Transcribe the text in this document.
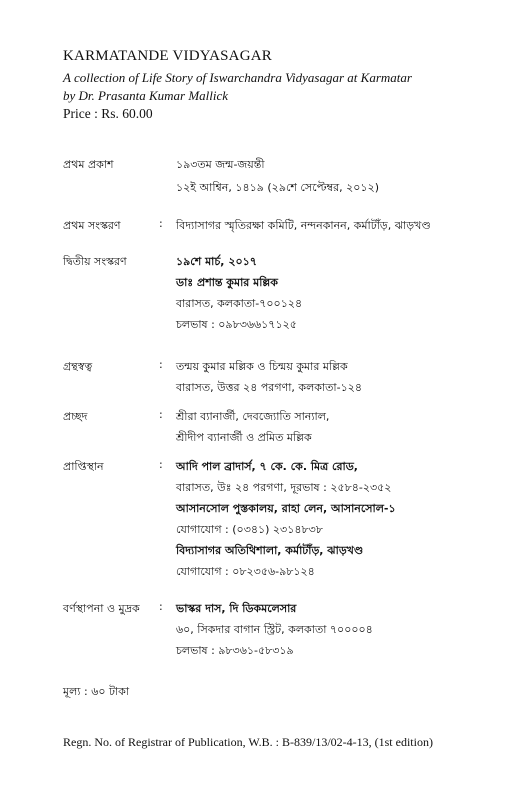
KARMATANDE VIDYASAGAR
A collection of Life Story of Iswarchandra Vidyasagar at Karmatar
by Dr. Prasanta Kumar Mallick
Price : Rs. 60.00
প্রথম প্রকাশ	১৯৩তম জন্ম-জয়ন্তী
১২ই আশ্বিন, ১৪১৯ (২৯শে সেপ্টেম্বর, ২০১২)
প্রথম সংস্করণ	: বিদ্যাসাগর স্মৃতিরক্ষা কমিটি, নন্দনকানন, কর্মাটাঁড়, ঝাড়খণ্ড
দ্বিতীয় সংস্করণ	১৯শে মার্চ, ২০১৭
ডাঃ প্রশান্ত কুমার মল্লিক
বারাসত, কলকাতা-৭০০১২৪
চলভাষ : ০৯৮৩৬৬১৭১২৫
গ্রন্থস্বত্ব	: তন্ময় কুমার মল্লিক ও চিন্ময় কুমার মল্লিক
বারাসত, উত্তর ২৪ পরগণা, কলকাতা-১২৪
প্রচ্ছদ	: শ্রীরা ব্যানার্জী, দেবজ্যোতি সান্যাল,
শ্রীদীপ ব্যানার্জী ও প্রমিত মল্লিক
প্রাপ্তিস্থান	: আদি পাল ব্রাদার্স, ৭ কে. কে. মিত্র রোড,
বারাসত, উঃ ২৪ পরগণা, দূরভাষ : ২৫৮৪-২৩৫২
আসানসোল পুস্তকালয়, রাহা লেন, আসানসোল-১
যোগাযোগ : (০৩৪১) ২৩১৪৮৩৮
বিদ্যাসাগর অতিথিশালা, কর্মাটাঁড়, ঝাড়খণ্ড
যোগাযোগ : ০৮২৩৫৬-৯৮১২৪
বর্ণস্থাপনা ও মুদ্রক : ভাস্কর দাস, দি ডিকমলেসার
৬০, সিকদার বাগান স্ট্রিট, কলকাতা ৭০০০০৪
চলভাষ : ৯৮৩৬১-৫৮৩১৯
মূল্য : ৬০ টাকা
Regn. No. of Registrar of Publication, W.B. : B-839/13/02-4-13, (1st edition)
